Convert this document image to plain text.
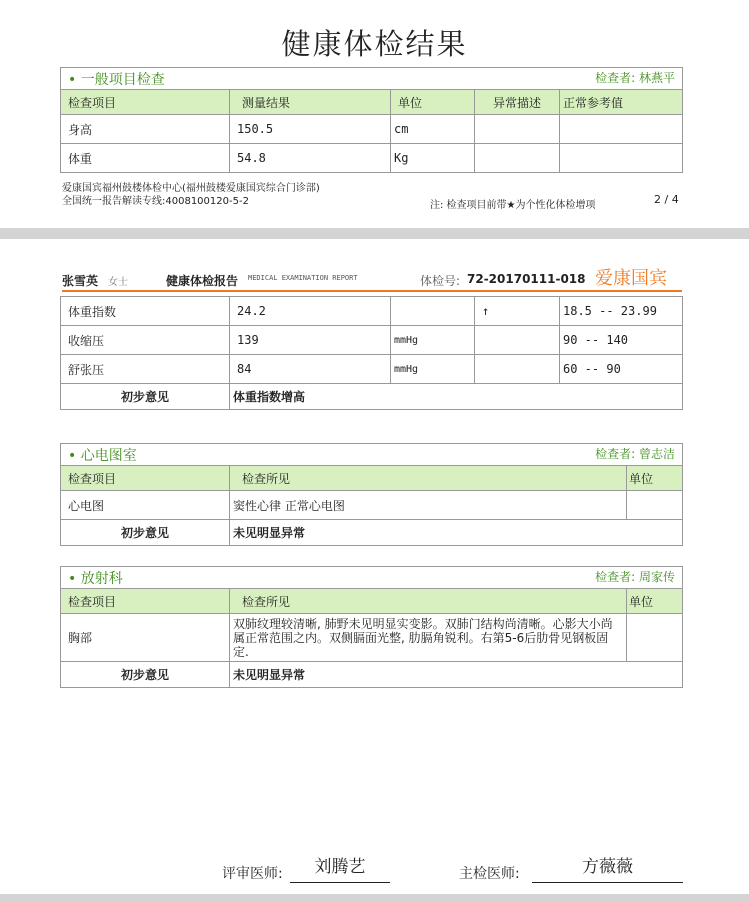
健康体检结果
• 一般项目检查 检查者: 林燕平				

检查项目	测量结果	单位	异常描述	正常参考值
身高	150.5	cm		
体重	54.8	Kg		
爱康国宾福州鼓楼体检中心(福州鼓楼爱康国宾综合门诊部)
全国统一报告解读专线:4008100120-5-2	注: 检查项目前带★为个性化体检增项	2 / 4
张雪英 女士	健康体检报告 MEDICAL EXAMINATION REPORT	体检号: 72-20170111-018 爱康国宾
体重指数	24.2		↑	18.5 -- 23.99
收缩压	139	mmHg		90 -- 140
舒张压	84	mmHg		60 -- 90
初步意见	体重指数增高			
• 心电图室 检查者: 曾志洁		

检查项目	检查所见	单位
心电图	窦性心律 正常心电图	
初步意见	未见明显异常	
• 放射科 检查者: 周家传		

检查项目	检查所见	单位
胸部	双肺纹理较清晰, 肺野未见明显实变影。双肺门结构尚清晰。心影大小尚属正常范围之内。双侧膈面光整, 肋膈角锐利。右第5-6后肋骨见钢板固定.	
初步意见	未见明显异常	
评审医师:	刘腾艺	主检医师:	方薇薇
